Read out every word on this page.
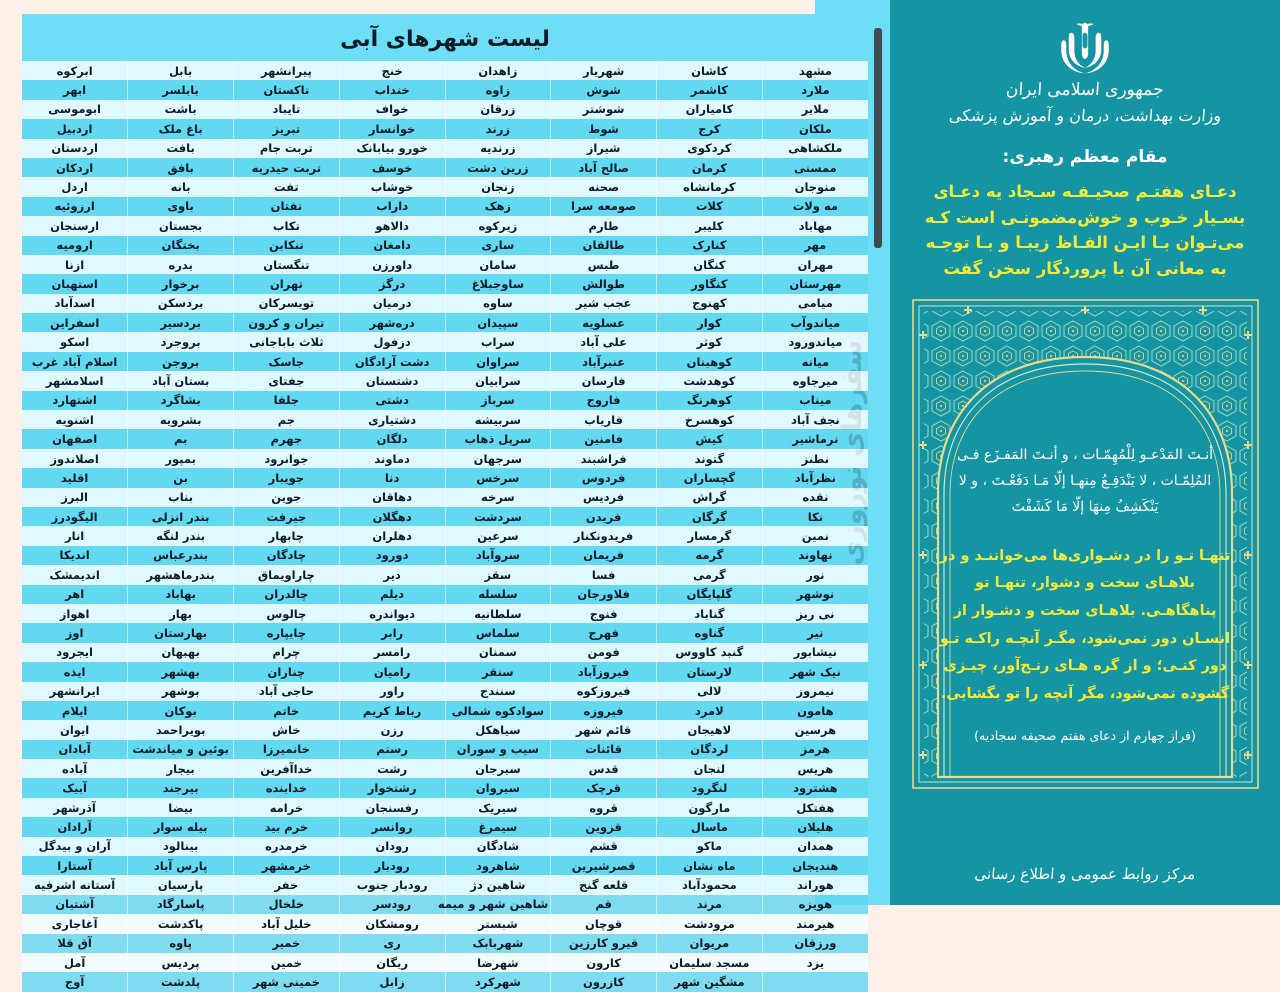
لیست شهرهای آبی
مشهد	کاشان	شهریار	زاهدان	خنج	پیرانشهر	بابل	ابرکوه
ملارد	کاشمر	شوش	زاوه	خنداب	تاکستان	بابلسر	ابهر
ملایر	کامیاران	شوشتر	زرقان	خواف	تایباد	باشت	ابوموسی
ملکان	کرج	شوط	زرند	خوانسار	تبریز	باغ ملک	اردبیل
ملکشاهی	کردکوی	شیراز	زرندیه	خورو بیابانک	تربت جام	بافت	اردستان
ممسنی	کرمان	صالح آباد	زرین دشت	خوسف	تربت حیدریه	بافق	اردکان
منوجان	کرمانشاه	صحنه	زنجان	خوشاب	تفت	بانه	اردل
مه ولات	کلات	صومعه سرا	زهک	داراب	تفتان	باوی	ارزوئیه
مهاباد	کلیبر	طارم	زیرکوه	دالاهو	تکاب	بجستان	ارسنجان
مهر	کنارک	طالقان	ساری	دامغان	تنکابن	بختگان	ارومیه
مهران	کنگان	طبس	سامان	داورزن	تنگستان	بدره	ازنا
مهرستان	کنگاور	طوالش	ساوجبلاغ	درگز	تهران	برخوار	استهبان
میامی	کهنوج	عجب شیر	ساوه	درمیان	تویسرکان	بردسکن	اسدآباد
میاندوآب	کوار	عسلویه	سپیدان	دره‌شهر	تیران و کرون	بردسیر	اسفراین
میاندورود	کوثر	علی آباد	سراب	دزفول	ثلاث باباجانی	بروجرد	اسکو
میانه	کوهبنان	عنبرآباد	سراوان	دشت آزادگان	جاسک	بروجن	اسلام آباد غرب
میرجاوه	کوهدشت	فارسان	سرابیان	دشتستان	جفتای	بستان آباد	اسلامشهر
میناب	کوهرنگ	فاروج	سرباز	دشتی	جلفا	بشاگرد	اشتهارد
نجف آباد	کوهسرخ	فاریاب	سربیشه	دشتیاری	جم	بشرویه	اشنویه
نرماشیر	کیش	فامنین	سرپل ذهاب	دلگان	جهرم	بم	اصفهان
نطنز	گتوند	فراشبند	سرجهان	دماوند	جوانرود	بمپور	اصلاندوز
نظرآباد	گچساران	فردوس	سرخس	دنا	جویبار	بن	اقلید
نقده	گراش	فردیس	سرخه	دهاقان	جوین	بناب	البرز
نکا	گرگان	فریدن	سردشت	دهگلان	جیرفت	بندر انزلی	الیگودرز
نمین	گرمسار	فریدونکنار	سرعین	دهلران	چابهار	بندر لنگه	انار
نهاوند	گرمه	فریمان	سروآباد	دورود	چادگان	بندرعباس	اندیکا
نور	گرمی	فسا	سقز	دیر	چاراویماق	بندرماهشهر	اندیمشک
نوشهر	گلپایگان	فلاورجان	سلسله	دیلم	چالدران	بهاباد	اهر
نی ریز	گناباد	فنوج	سلطانیه	دیواندره	چالوس	بهار	اهواز
نیر	گناوه	فهرج	سلماس	رابر	چایپاره	بهارستان	اوز
نیشابور	گنبد کاووس	فومن	سمنان	رامسر	چرام	بهبهان	ایجرود
نیک شهر	لارستان	فیروزآباد	سنقر	رامیان	چناران	بهشهر	ایذه
نیمروز	لالی	فیروزکوه	سنندج	راور	حاجی آباد	بوشهر	ایرانشهر
هامون	لامرد	فیروزه	سوادکوه شمالی	رباط کریم	خاتم	بوکان	ایلام
هرسین	لاهیجان	قائم شهر	سیاهکل	رزن	خاش	بویراحمد	ایوان
هرمز	لردگان	قائنات	سیب و سوران	رستم	خانمیرزا	بوئین و میاندشت	آبادان
هریس	لنجان	قدس	سیرجان	رشت	خداآفرین	بیجار	آباده
هشترود	لنگرود	قرچک	سیروان	رشتخوار	خدابنده	بیرجند	آبیک
هفتکل	مارگون	قروه	سیریک	رفسنجان	خرامه	بیضا	آذرشهر
هلیلان	ماسال	قزوین	سیمرغ	روانسر	خرم بید	بیله سوار	آرادان
همدان	ماکو	قشم	شادگان	رودان	خرمدره	بینالود	آران و بیدگل
هندیجان	ماه نشان	قصرشیرین	شاهرود	رودبار	خرمشهر	پارس آباد	آستارا
هوراند	محمودآباد	قلعه گنج	شاهین دژ	رودبار جنوب	خفر	پارسیان	آستانه اشرفیه
هویزه	مرند	قم	شاهین شهر و میمه	رودسر	خلخال	پاسارگاد	آشتیان
هیرمند	مرودشت	قوچان	شبستر	رومشکان	خلیل آباد	پاکدشت	آغاجاری
ورزقان	مریوان	قیرو کارزین	شهربابک	ری	خمیر	پاوه	آق قلا
یزد	مسجد سلیمان	کارون	شهرضا	ریگان	خمین	پردیس	آمل
	مشگین شهر	کازرون	شهرکرد	زابل	خمینی شهر	پلدشت	آوج
جمهوری اسلامی ایران
وزارت بهداشت، درمان و آموزش پزشکی
مقام معظم رهبری:
دعـای هفتـم صحیـفـه سـجاد یه دعـای بسـیار خـوب و خوش‌مضمونـی است کـه می‌تـوان بـا ایـن الفـاظ زیبـا و بـا توجـه به معانی آن با پروردگار سخن گفت
أنـتَ المَدْعـو لِلْمُهِمّـات ، و أنـتَ المَفـزَع فـی المُلِمّـات ، لا یَنْدَفِـعُ مِنهـا إلّا مَـا دَفَعْـتَ ، و لا یَنْکَشِفُ مِنهَا إلّا مَا کَشَفْتَ
تنهـا تـو را در دشـواری‌ها می‌خواننـد و در بلاهـای سخت و دشوار، تنهـا تو پناهگاهـی. بلاهـای سخت و دشـوار از انسـان دور نمی‌شود، مگـر آنچـه راکـه تـو دور کنـی؛ و از گره هـای رنـج‌آور، چیـزی گشوده نمی‌شود، مگر آنچه را تو بگشایی.
(فراز چهارم از دعای هفتم صحیفه سجادیه)
مرکز روابط عمومی و اطلاع رسانی
